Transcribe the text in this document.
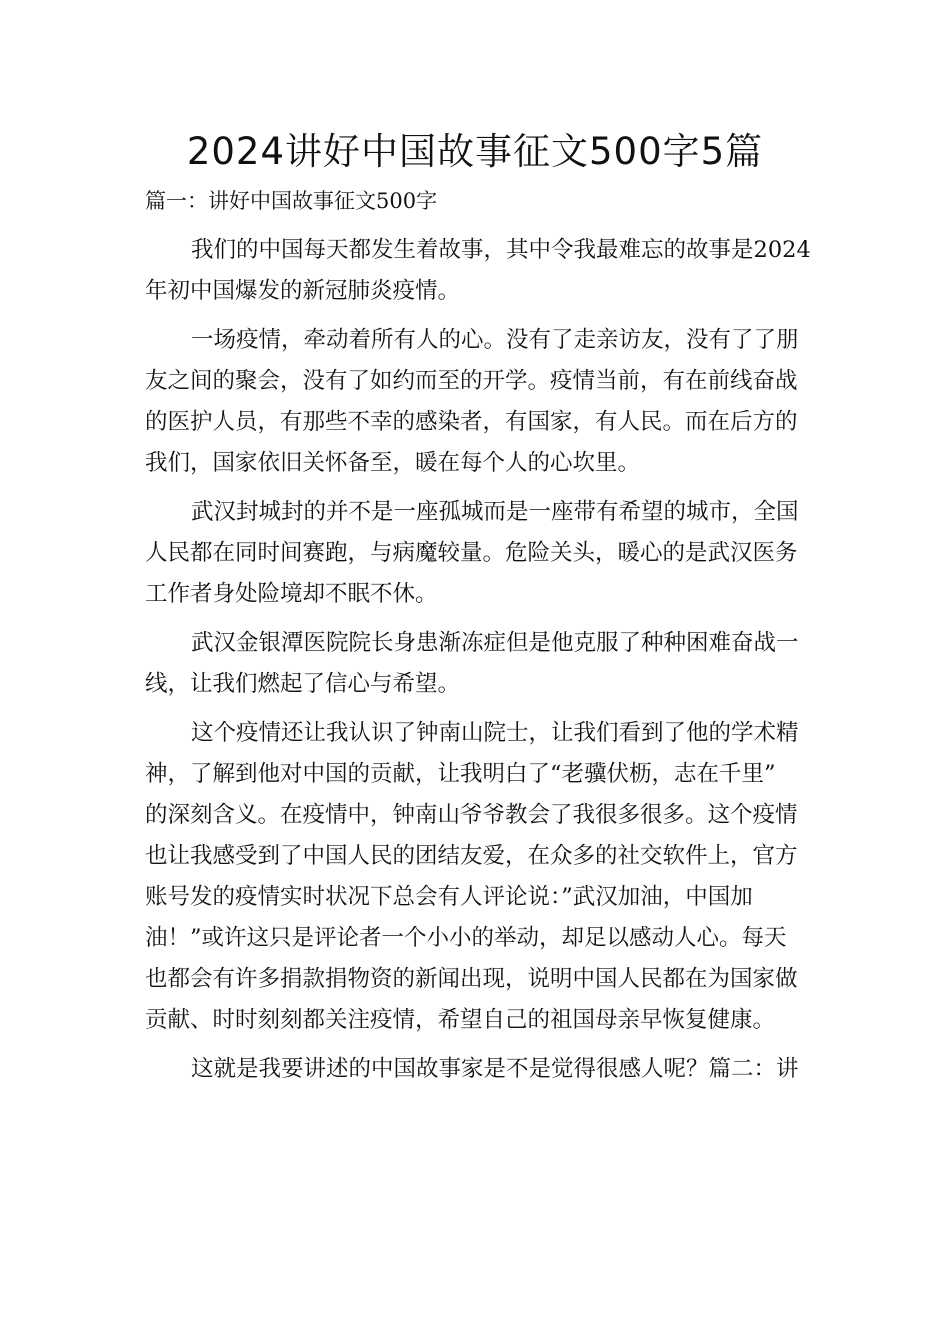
2024讲好中国故事征文500字5篇

篇一：讲好中国故事征文500字

我们的中国每天都发生着故事，其中令我最难忘的故事是2024
年初中国爆发的新冠肺炎疫情。
一场疫情，牵动着所有人的心。没有了走亲访友，没有了了朋
友之间的聚会，没有了如约而至的开学。疫情当前，有在前线奋战
的医护人员，有那些不幸的感染者，有国家，有人民。而在后方的
我们，国家依旧关怀备至，暖在每个人的心坎里。
武汉封城封的并不是一座孤城而是一座带有希望的城市，全国
人民都在同时间赛跑，与病魔较量。危险关头，暖心的是武汉医务
工作者身处险境却不眠不休。
武汉金银潭医院院长身患渐冻症但是他克服了种种困难奋战一
线，让我们燃起了信心与希望。
这个疫情还让我认识了钟南山院士，让我们看到了他的学术精
神，了解到他对中国的贡献，让我明白了“老骥伏枥，志在千里”
的深刻含义。在疫情中，钟南山爷爷教会了我很多很多。这个疫情
也让我感受到了中国人民的团结友爱，在众多的社交软件上，官方
账号发的疫情实时状况下总会有人评论说：”武汉加油，中国加
油！”或许这只是评论者一个小小的举动，却足以感动人心。每天
也都会有许多捐款捐物资的新闻出现，说明中国人民都在为国家做
贡献、时时刻刻都关注疫情，希望自己的祖国母亲早恢复健康。
这就是我要讲述的中国故事家是不是觉得很感人呢？篇二：讲
